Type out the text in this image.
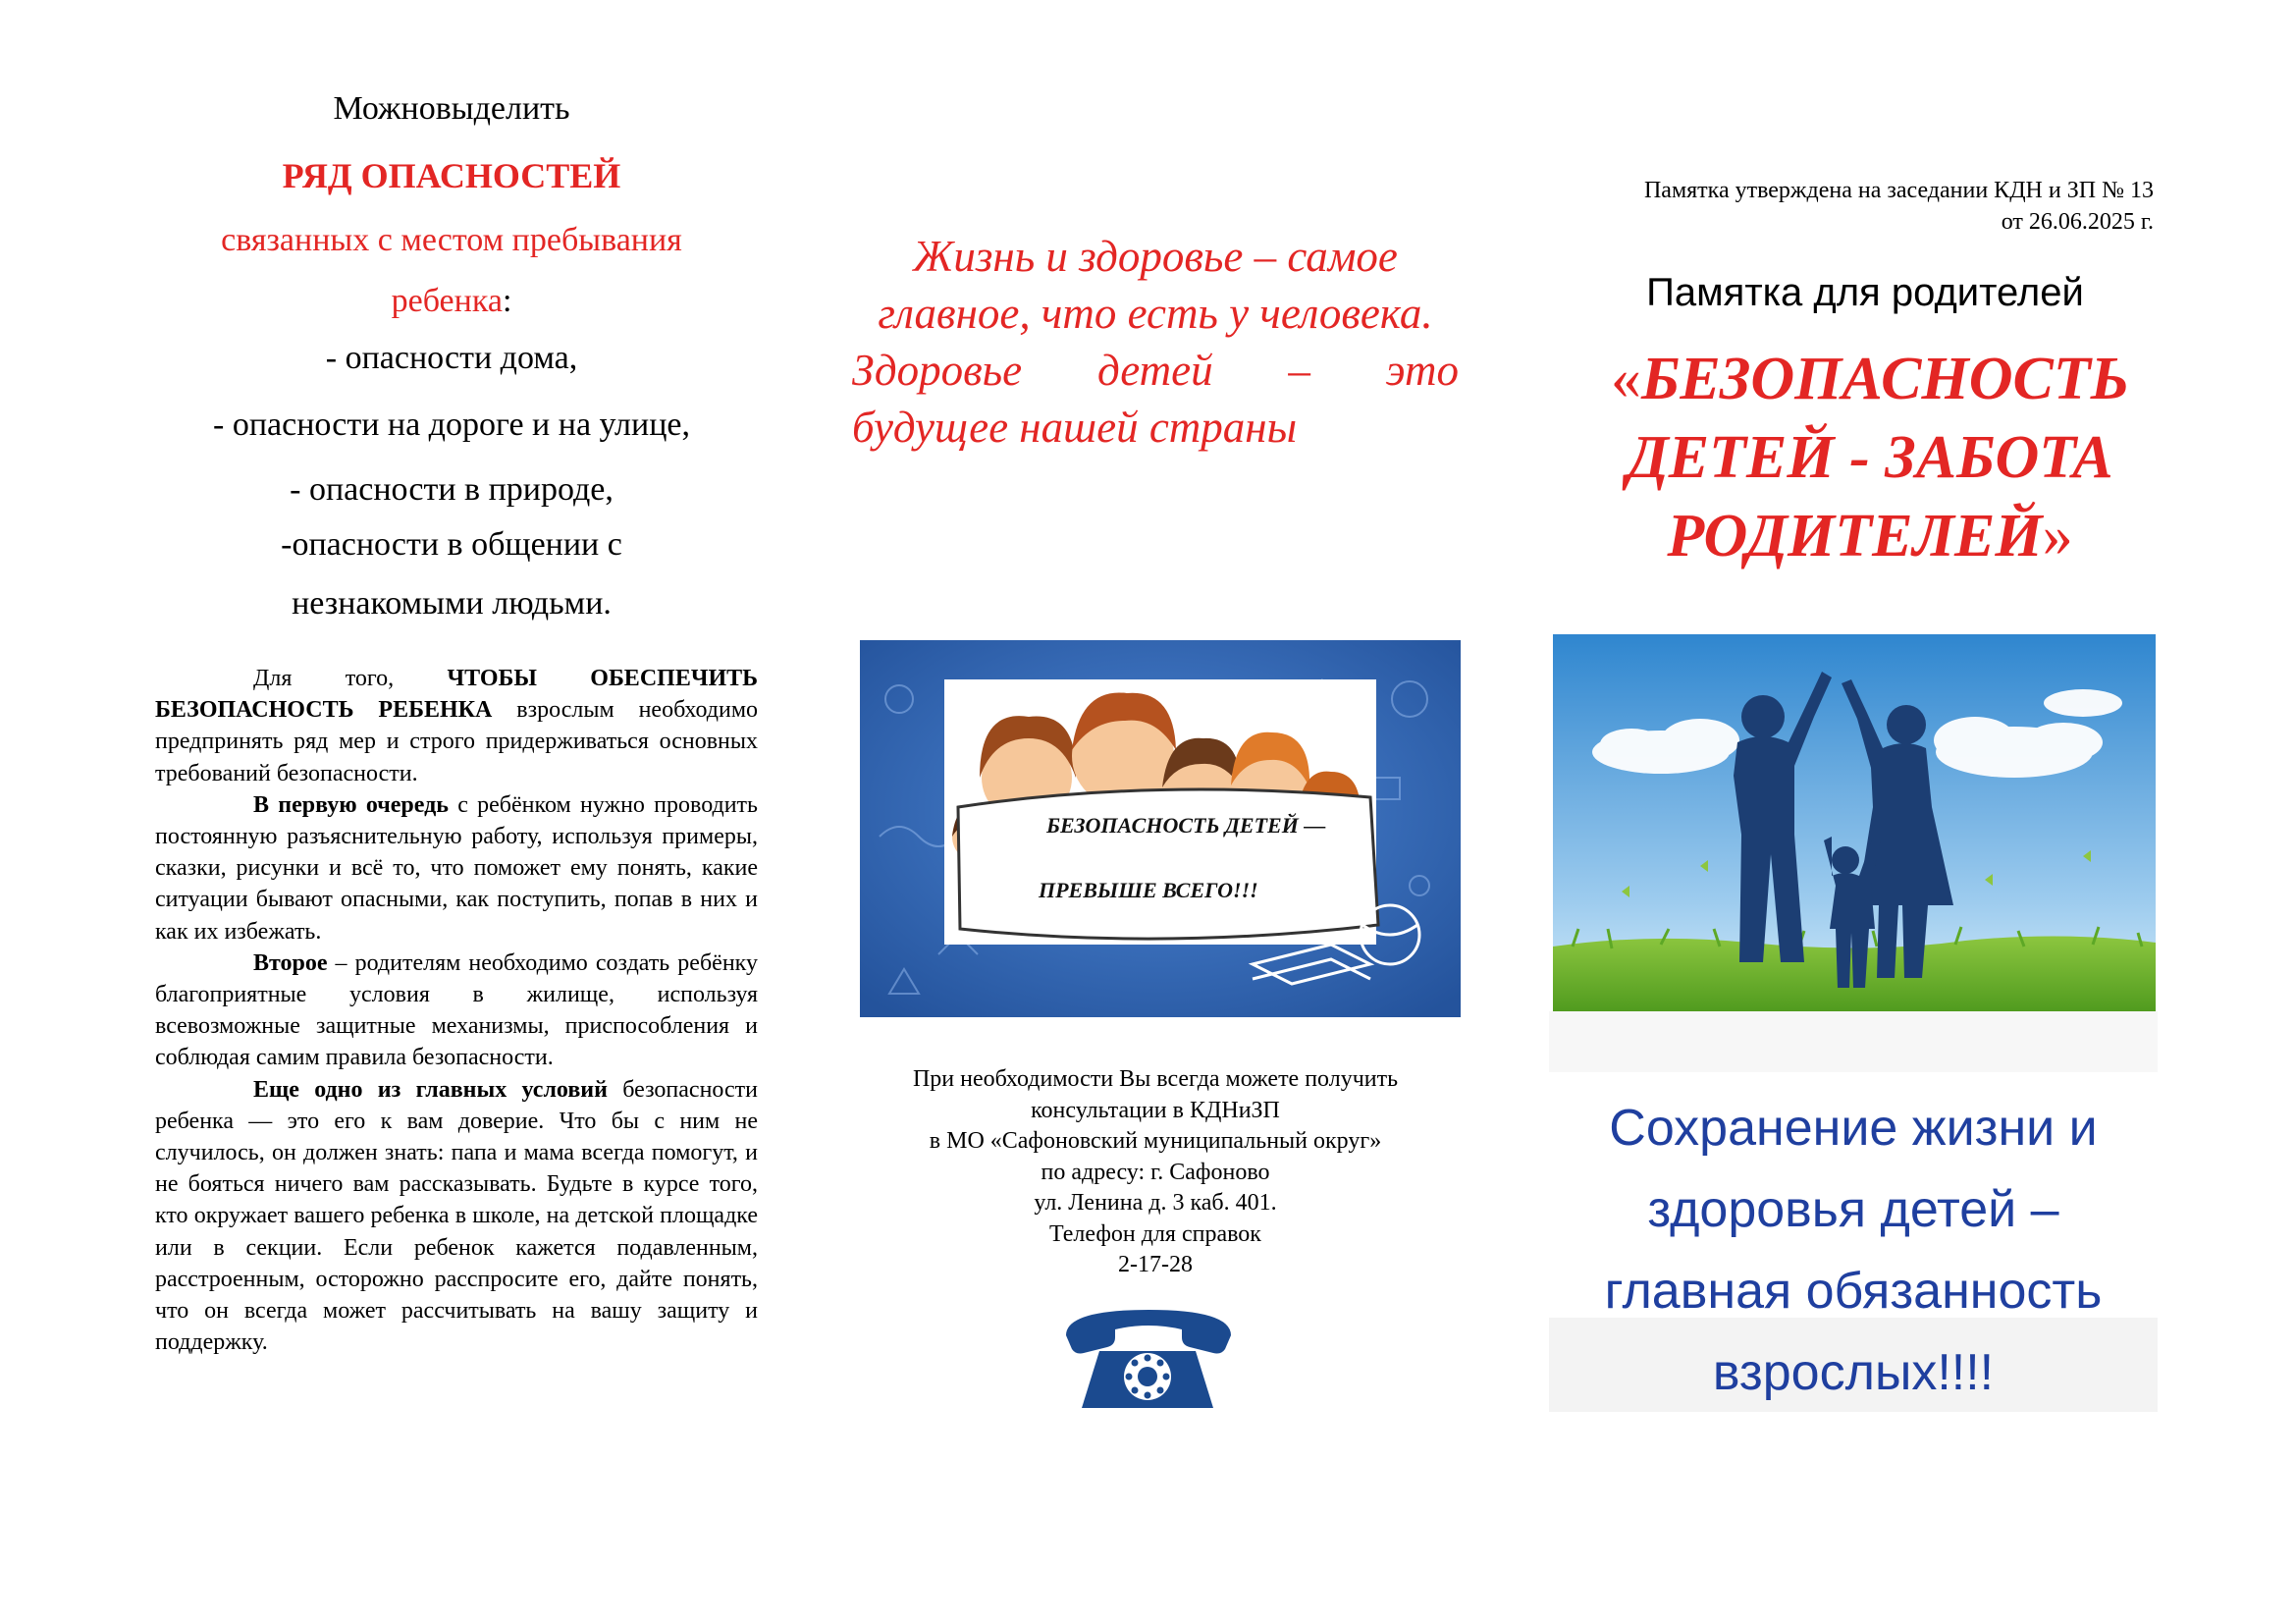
Можновыделить
РЯД ОПАСНОСТЕЙ
связанных с местом пребывания ребенка:
- опасности дома,
- опасности на дороге и на улице,
- опасности в природе,
-опасности в общении с
незнакомыми людьми.

Для того, ЧТОБЫ ОБЕСПЕЧИТЬ БЕЗОПАСНОСТЬ РЕБЕНКА взрослым необходимо предпринять ряд мер и строго придерживаться основных требований безопасности.

В первую очередь с ребёнком нужно проводить постоянную разъяснительную работу, используя примеры, сказки, рисунки и всё то, что поможет ему понять, какие ситуации бывают опасными, как поступить, попав в них и как их избежать.

Второе – родителям необходимо создать ребёнку благоприятные условия в жилище, используя всевозможные защитные механизмы, приспособления и соблюдая самим правила безопасности.

Еще одно из главных условий безопасности ребенка — это его к вам доверие. Что бы с ним не случилось, он должен знать: папа и мама всегда помогут, и не бояться ничего вам рассказывать. Будьте в курсе того, кто окружает вашего ребенка в школе, на детской площадке или в секции. Если ребенок кажется подавленным, расстроенным, осторожно расспросите его, дайте понять, что он всегда может рассчитывать на вашу защиту и поддержку.

Жизнь и здоровье – самое главное, что есть у человека.
Здоровье детей – это
будущее нашей страны
БЕЗОПАСНОСТЬ ДЕТЕЙ —
ПРЕВЫШЕ ВСЕГО!!!
При необходимости Вы всегда можете получить
консультации в КДНиЗП
в МО «Сафоновский муниципальный округ»
по адресу: г. Сафоново
ул. Ленина д. 3 каб. 401.
Телефон для справок
2-17-28
Памятка утверждена на заседании КДН и ЗП № 13
от 26.06.2025 г.
Памятка для родителей
«БЕЗОПАСНОСТЬ ДЕТЕЙ - ЗАБОТА РОДИТЕЛЕЙ»
Сохранение жизни и здоровья детей – главная обязанность взрослых!!!!
